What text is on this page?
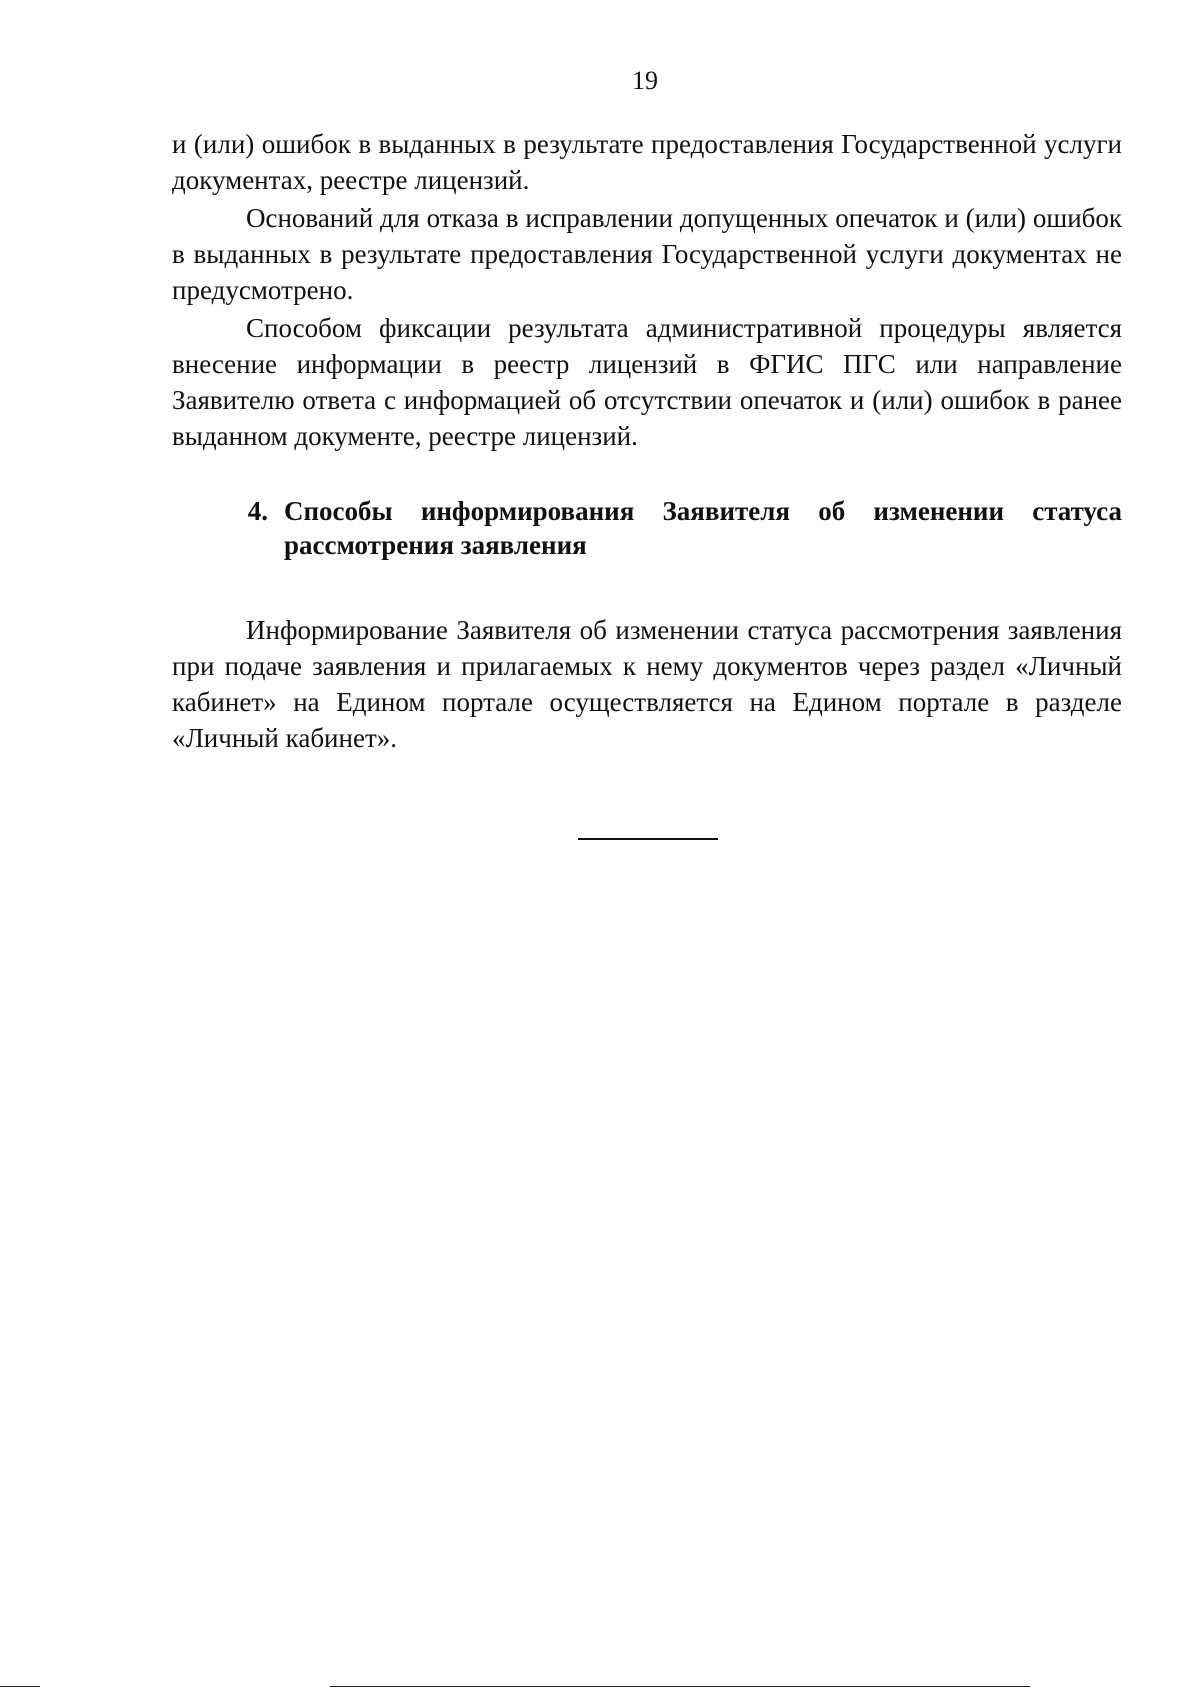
19

и (или) ошибок в выданных в результате предоставления Государственной услуги документах, реестре лицензий.

Оснований для отказа в исправлении допущенных опечаток и (или) ошибок в выданных в результате предоставления Государственной услуги документах не предусмотрено.

Способом фиксации результата административной процедуры является внесение информации в реестр лицензий в ФГИС ПГС или направление Заявителю ответа с информацией об отсутствии опечаток и (или) ошибок в ранее выданном документе, реестре лицензий.

4. Способы информирования Заявителя об изменении статуса рассмотрения заявления

Информирование Заявителя об изменении статуса рассмотрения заявления при подаче заявления и прилагаемых к нему документов через раздел «Личный кабинет» на Едином портале осуществляется на Едином портале в разделе «Личный кабинет».
